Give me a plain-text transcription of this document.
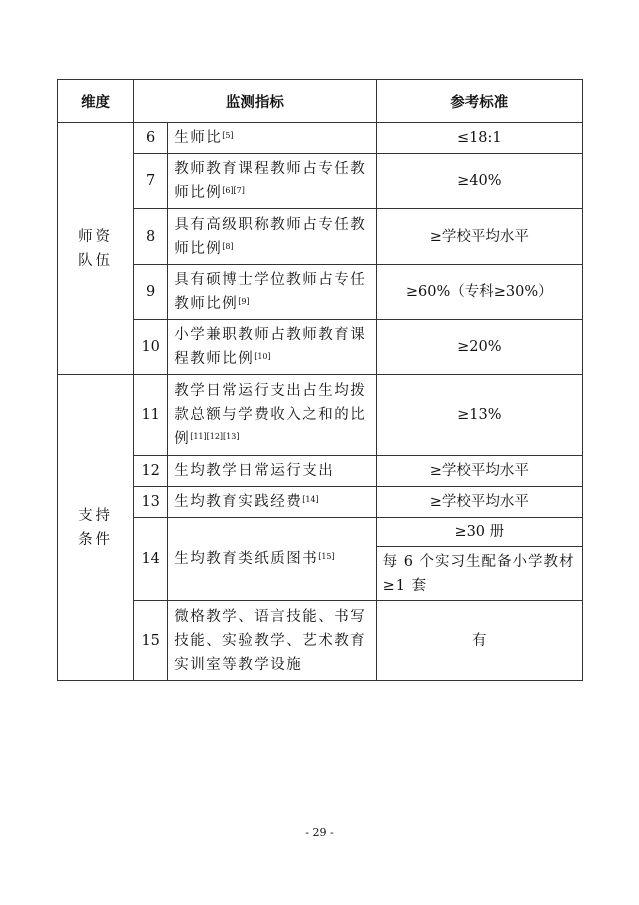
维度	监测指标		参考标准

师资队伍	6	生师比[5]	≤18:1
	7	教师教育课程教师占专任教师比例[6][7]	≥40%
	8	具有高级职称教师占专任教师比例[8]	≥学校平均水平
	9	具有硕博士学位教师占专任教师比例[9]	≥60%（专科≥30%）
	10	小学兼职教师占教师教育课程教师比例[10]	≥20%

支持条件	11	教学日常运行支出占生均拨款总额与学费收入之和的比例[11][12][13]	≥13%
	12	生均教学日常运行支出	≥学校平均水平
	13	生均教育实践经费[14]	≥学校平均水平
	14	生均教育类纸质图书[15]	≥30 册
			每 6 个实习生配备小学教材≥1 套
	15	微格教学、语言技能、书写技能、实验教学、艺术教育实训室等教学设施	有
- 29 -
